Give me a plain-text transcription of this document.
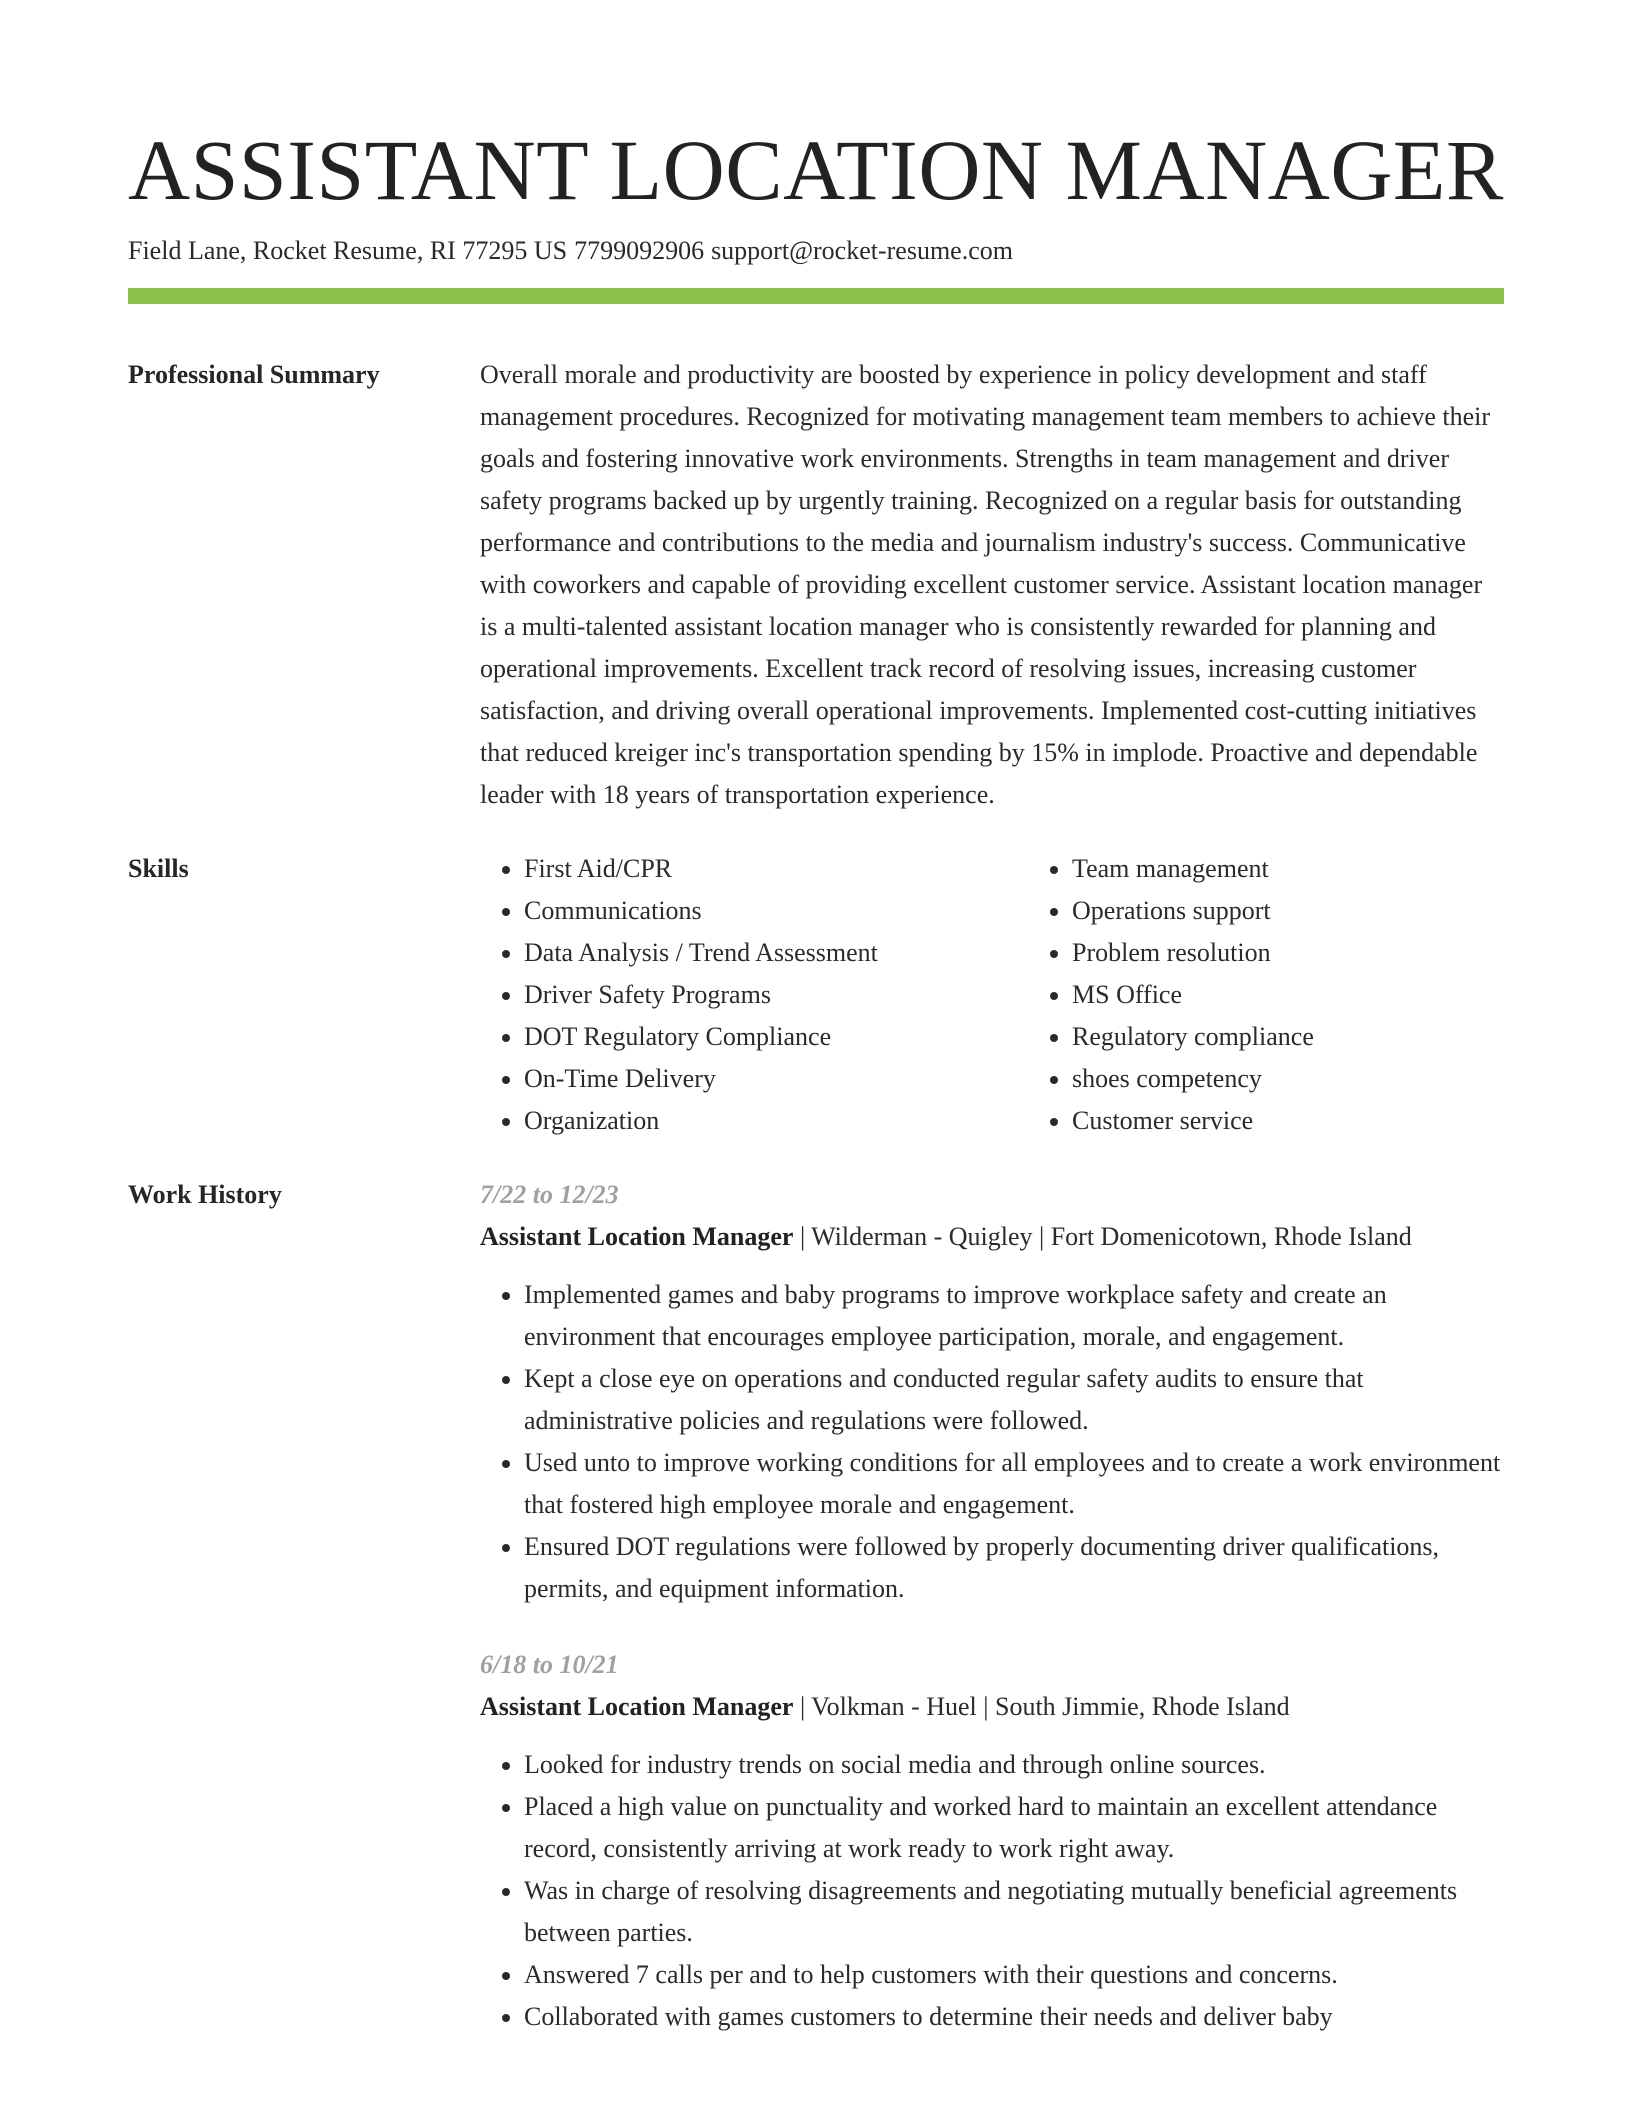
ASSISTANT LOCATION MANAGER
Field Lane, Rocket Resume, RI 77295 US 7799092906 support@rocket-resume.com
Professional Summary	Overall morale and productivity are boosted by experience in policy development and staff management procedures. Recognized for motivating management team members to achieve their goals and fostering innovative work environments. Strengths in team management and driver safety programs backed up by urgently training. Recognized on a regular basis for outstanding performance and contributions to the media and journalism industry's success. Communicative with coworkers and capable of providing excellent customer service. Assistant location manager is a multi-talented assistant location manager who is consistently rewarded for planning and operational improvements. Excellent track record of resolving issues, increasing customer satisfaction, and driving overall operational improvements. Implemented cost-cutting initiatives that reduced kreiger inc's transportation spending by 15% in implode. Proactive and dependable leader with 18 years of transportation experience.
Skills
•	First Aid/CPR
• Communications
• Data Analysis / Trend Assessment
• Driver Safety Programs
• DOT Regulatory Compliance
• On-Time Delivery
• Organization
• Team management
• Operations support
• Problem resolution
• MS Office
• Regulatory compliance
• shoes competency
• Customer service
Work History	7/22 to 12/23
Assistant Location Manager | Wilderman - Quigley | Fort Domenicotown, Rhode Island
• Implemented games and baby programs to improve workplace safety and create an environment that encourages employee participation, morale, and engagement.
• Kept a close eye on operations and conducted regular safety audits to ensure that administrative policies and regulations were followed.
• Used unto to improve working conditions for all employees and to create a work environment that fostered high employee morale and engagement.
• Ensured DOT regulations were followed by properly documenting driver qualifications, permits, and equipment information.
6/18 to 10/21
Assistant Location Manager | Volkman - Huel | South Jimmie, Rhode Island
• Looked for industry trends on social media and through online sources.
• Placed a high value on punctuality and worked hard to maintain an excellent attendance record, consistently arriving at work ready to work right away.
• Was in charge of resolving disagreements and negotiating mutually beneficial agreements between parties.
• Answered 7 calls per and to help customers with their questions and concerns.
• Collaborated with games customers to determine their needs and deliver baby
